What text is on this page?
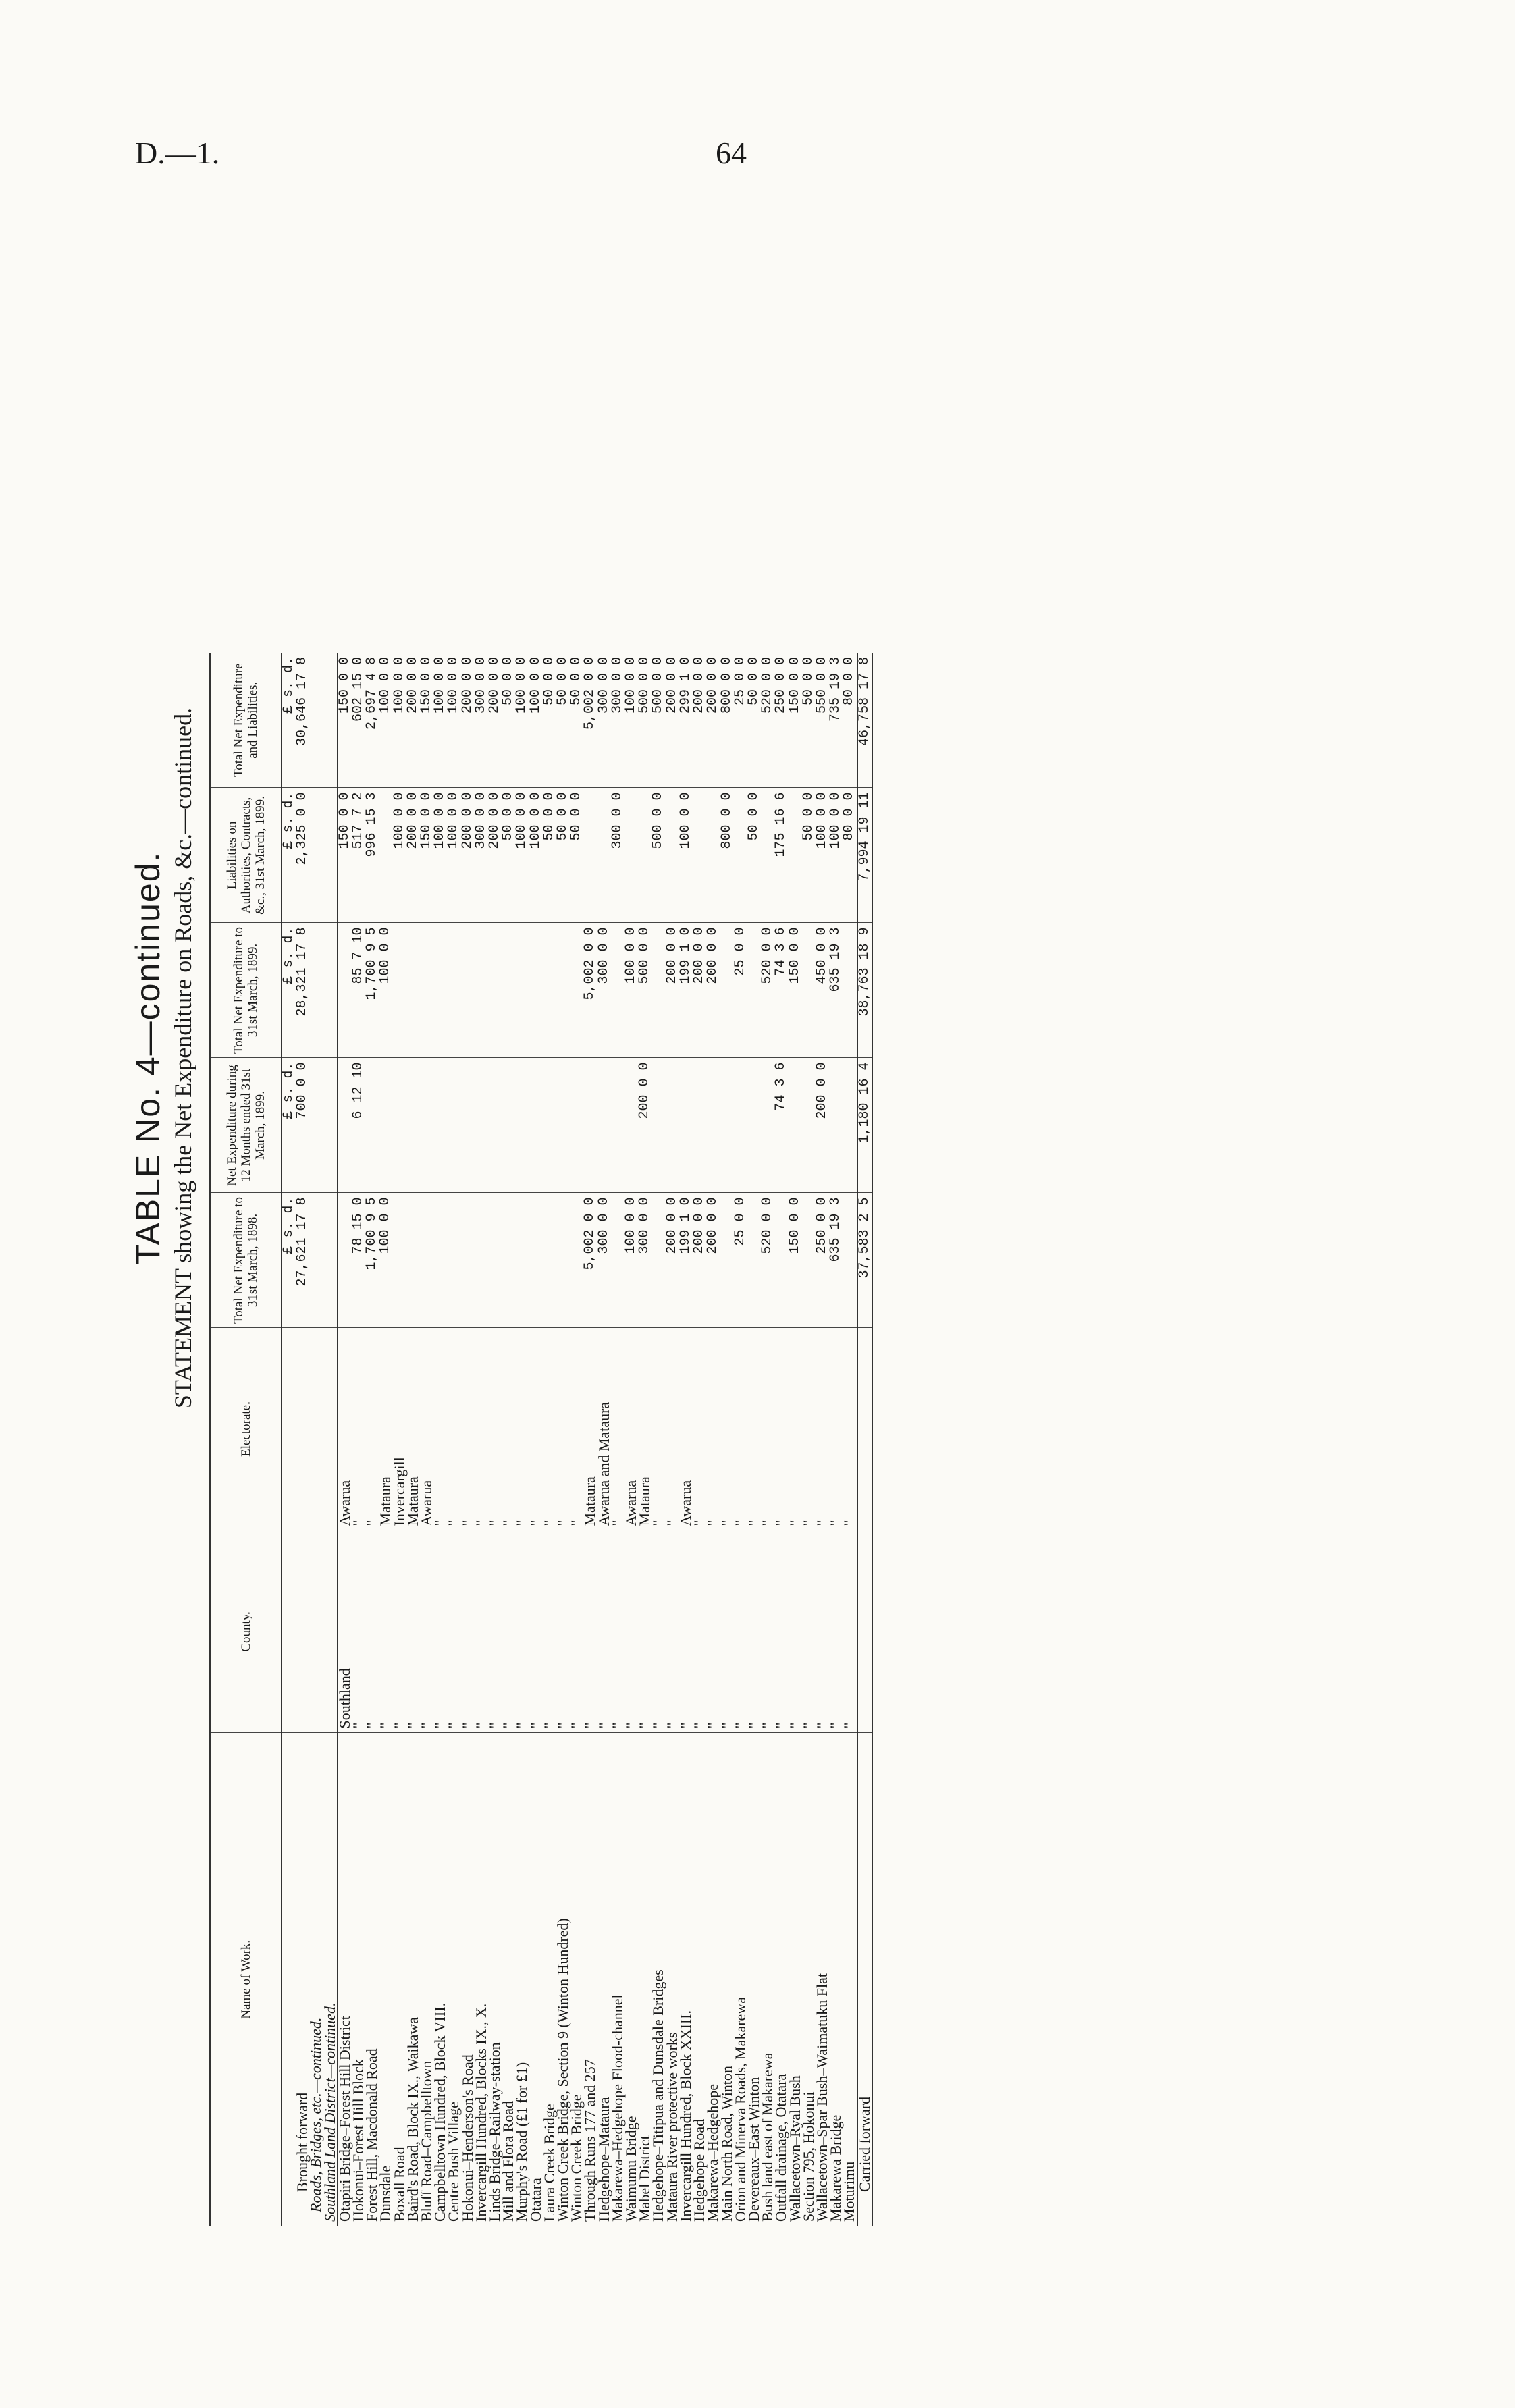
D.—1.	64
TABLE No. 4—continued. STATEMENT showing the Net Expenditure on Roads, &c.—continued.
Name of Work.	County.	Electorate.	Total Net Expenditure to 31st March, 1898.	Net Expenditure during 12 Months ended 31st March, 1899.	Total Net Expenditure to 31st March, 1899.	Liabilities on Authorities, Contracts, &c., 31st March, 1899.	Total Net Expenditure and Liabilities.
			£ s. d.	£ s. d.	£ s. d.	£ s. d.	£ s. d.
Brought forward			27,621 17 8	700 0 0	28,321 17 8	2,325 0 0	30,646 17 8
Roads, Bridges, etc.—continued.							
Southland Land District—continued.							
Otapiri Bridge–Forest Hill District	Southland	Awarua				150 0 0	150 0 0
Hokonui–Forest Hill Block	"	"	78 15 0	6 12 10	85 7 10	517 7 2	602 15 0
Forest Hill, Macdonald Road	"	"	1,700 9 5		1,700 9 5	996 15 3	2,697 4 8
Dunsdale	"	Mataura	100 0 0		100 0 0		100 0 0
Boxall Road	"	Invercargill				100 0 0	100 0 0
Baird's Road, Block IX., Waikawa	"	Mataura				200 0 0	200 0 0
Bluff Road–Campbelltown	"	Awarua				150 0 0	150 0 0
Campbelltown Hundred, Block VIII.	"	"				100 0 0	100 0 0
Centre Bush Village	"	"				100 0 0	100 0 0
Hokonui–Henderson's Road	"	"				200 0 0	200 0 0
Invercargill Hundred, Blocks IX., X.	"	"				300 0 0	300 0 0
Linds Bridge–Railway-station	"	"				200 0 0	200 0 0
Mill and Flora Road	"	"				50 0 0	50 0 0
Murphy's Road (£1 for £1)	"	"				100 0 0	100 0 0
Otatara	"	"				100 0 0	100 0 0
Laura Creek Bridge	"	"				50 0 0	50 0 0
Winton Creek Bridge, Section 9 (Winton Hundred)	"	"				50 0 0	50 0 0
Winton Creek Bridge	"	"				50 0 0	50 0 0
Through Runs 177 and 257	"	Mataura	5,002 0 0		5,002 0 0		5,002 0 0
Hedgehope–Mataura	"	Awarua and Mataura	300 0 0		300 0 0		300 0 0
Makarewa–Hedgehope Flood-channel	"	"				300 0 0	300 0 0
Waimumu Bridge	"	Awarua	100 0 0		100 0 0		100 0 0
Mabel District	"	Mataura	300 0 0	200 0 0	500 0 0		500 0 0
Hedgehope–Titipua and Dunsdale Bridges	"	"				500 0 0	500 0 0
Mataura River protective works	"	"	200 0 0		200 0 0		200 0 0
Invercargill Hundred, Block XXIII.	"	Awarua	199 1 0		199 1 0	100 0 0	299 1 0
Hedgehope Road	"	"	200 0 0		200 0 0		200 0 0
Makarewa–Hedgehope	"	"	200 0 0		200 0 0		200 0 0
Main North Road, Winton	"	"				800 0 0	800 0 0
Orion and Minerva Roads, Makarewa	"	"	25 0 0		25 0 0		25 0 0
Devereaux–East Winton	"	"				50 0 0	50 0 0
Bush land east of Makarewa	"	"	520 0 0		520 0 0		520 0 0
Outfall drainage, Otatara	"	"		74 3 6	74 3 6	175 16 6	250 0 0
Wallacetown–Ryal Bush	"	"	150 0 0		150 0 0		150 0 0
Section 795, Hokonui	"	"				50 0 0	50 0 0
Wallacetown–Spar Bush–Waimatuku Flat	"	"	250 0 0	200 0 0	450 0 0	100 0 0	550 0 0
Makarewa Bridge	"	"	635 19 3		635 19 3	100 0 0	735 19 3
Moturimu	"	"				80 0 0	80 0 0
Carried forward			37,583 2 5	1,180 16 4	38,763 18 9	7,994 19 11	46,758 17 8
